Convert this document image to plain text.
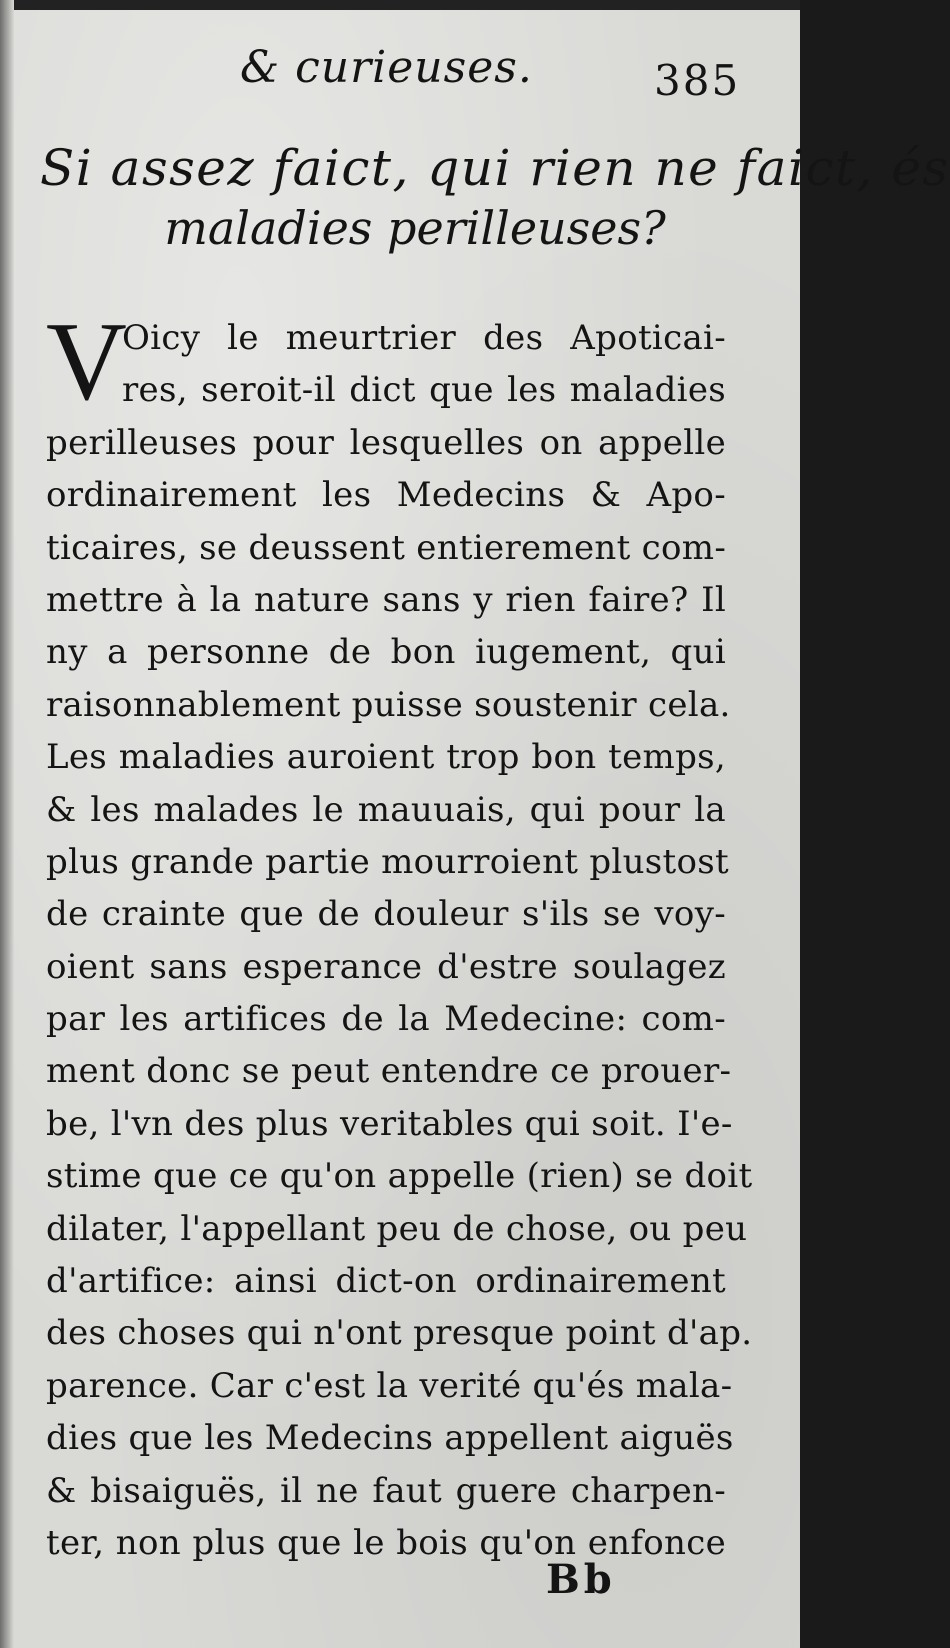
& curieuses.	385
Si assez faict, qui rien ne faict, és
maladies perilleuses?
V
Oicy le meurtrier des Apoticai-
res, seroit-il dict que les maladies
perilleuses pour lesquelles on appelle
ordinairement les Medecins & Apo-
ticaires, se deussent entierement com-
mettre à la nature sans y rien faire? Il
ny a personne de bon iugement, qui
raisonnablement puisse soustenir cela.
Les maladies auroient trop bon temps,
& les malades le mauuais, qui pour la
plus grande partie mourroient plustost
de crainte que de douleur s'ils se voy-
oient sans esperance d'estre soulagez
par les artifices de la Medecine: com-
ment donc se peut entendre ce prouer-
be, l'vn des plus veritables qui soit. I'e-
stime que ce qu'on appelle (rien) se doit
dilater, l'appellant peu de chose, ou peu
d'artifice: ainsi dict-on ordinairement
des choses qui n'ont presque point d'ap.
parence. Car c'est la verité qu'és mala-
dies que les Medecins appellent aiguës
& bisaiguës, il ne faut guere charpen-
ter, non plus que le bois qu'on enfonce
Bb
